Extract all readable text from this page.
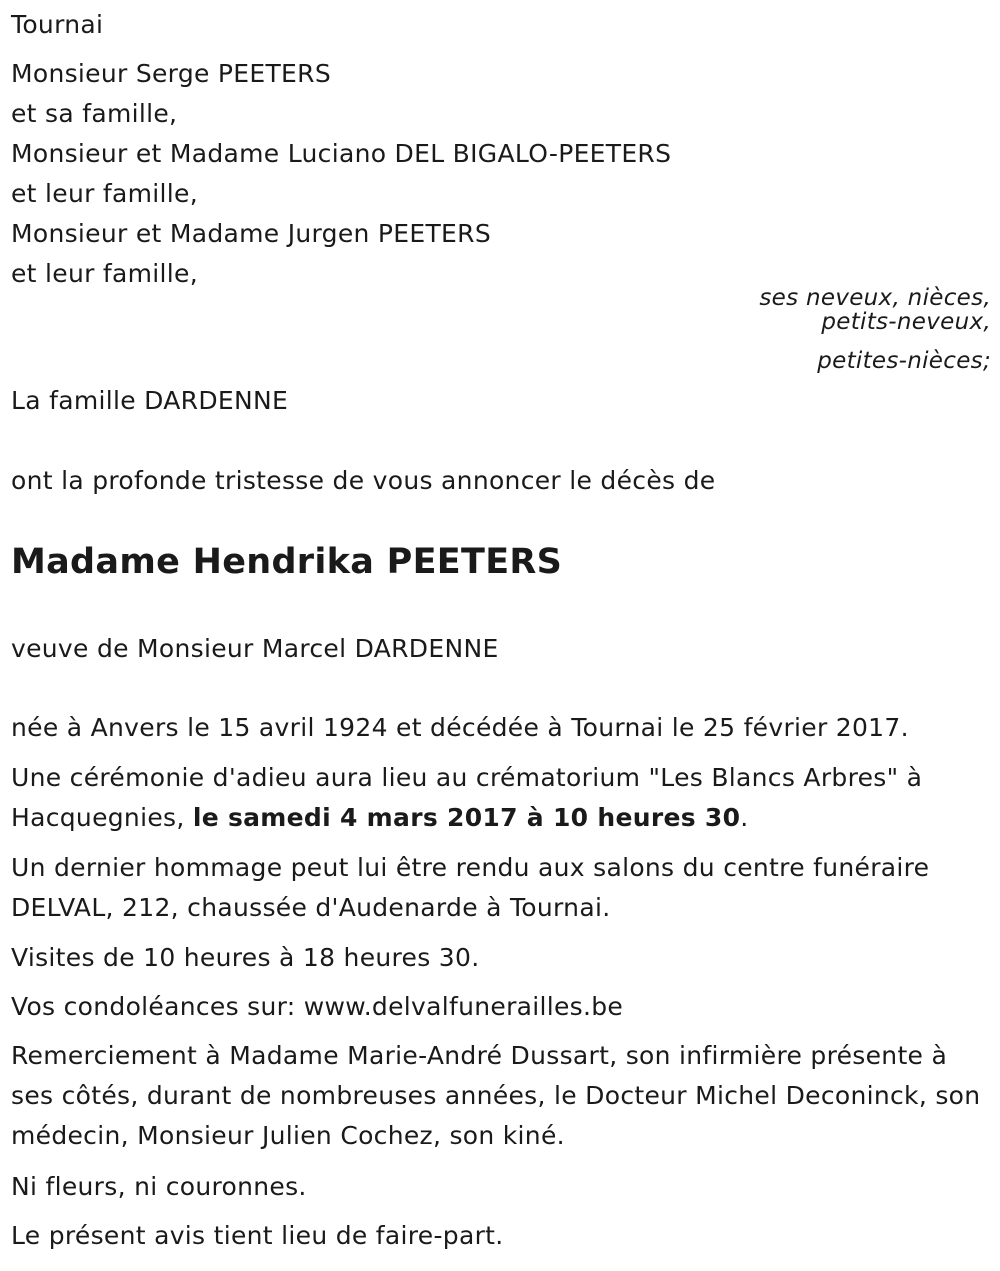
Tournai
Monsieur Serge PEETERS
et sa famille,
Monsieur et Madame Luciano DEL BIGALO-PEETERS
et leur famille,
Monsieur et Madame Jurgen PEETERS
et leur famille,
ses neveux, nièces,
petits-neveux,
petites-nièces;
La famille DARDENNE
ont la profonde tristesse de vous annoncer le décès de
Madame Hendrika PEETERS
veuve de Monsieur Marcel DARDENNE
née à Anvers le 15 avril 1924 et décédée à Tournai le 25 février 2017.
Une cérémonie d'adieu aura lieu au crématorium "Les Blancs Arbres" à Hacquegnies, le samedi 4 mars 2017 à 10 heures 30.
Un dernier hommage peut lui être rendu aux salons du centre funéraire DELVAL, 212, chaussée d'Audenarde à Tournai.
Visites de 10 heures à 18 heures 30.
Vos condoléances sur: www.delvalfunerailles.be
Remerciement à Madame Marie-André Dussart, son infirmière présente à ses côtés, durant de nombreuses années, le Docteur Michel Deconinck, son médecin, Monsieur Julien Cochez, son kiné.
Ni fleurs, ni couronnes.
Le présent avis tient lieu de faire-part.
